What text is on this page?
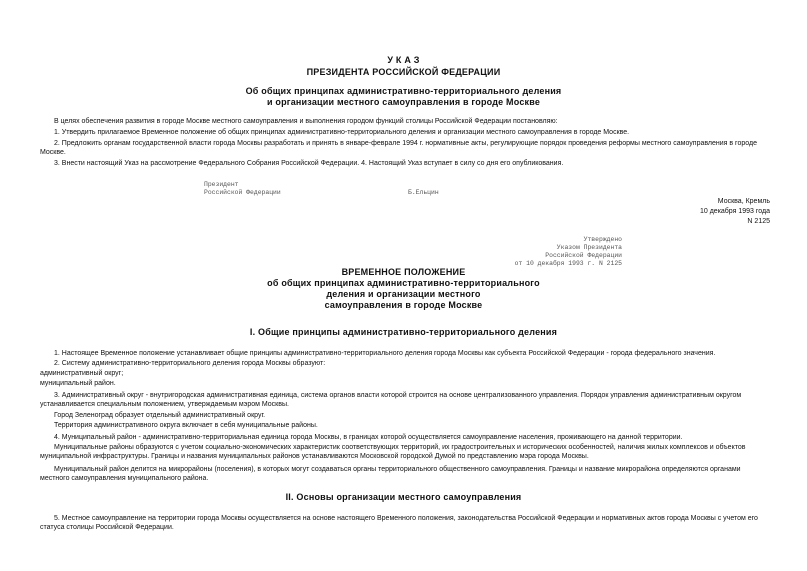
У К А З
ПРЕЗИДЕНТА РОССИЙСКОЙ ФЕДЕРАЦИИ
Об общих принципах административно-территориального деления
и организации местного самоуправления в городе Москве
В целях обеспечения развития в городе Москве местного самоуправления и выполнения городом функций столицы Российской Федерации постановляю:
1. Утвердить прилагаемое Временное положение об общих принципах административно-территориального деления и организации местного самоуправления в городе Москве.
2. Предложить органам государственной власти города Москвы разработать и принять в январе-феврале 1994 г. нормативные акты, регулирующие порядок проведения реформы местного самоуправления в городе Москве.
3. Внести настоящий Указ на рассмотрение Федерального Собрания Российской Федерации. 4. Настоящий Указ вступает в силу со дня его опубликования.
Президент
Российской Федерации	Б.Ельцин
Москва, Кремль
10 декабря 1993 года
N 2125
Утверждено
Указом Президента
Российской Федерации
от 10 декабря 1993 г. N 2125
ВРЕМЕННОЕ ПОЛОЖЕНИЕ
об общих принципах административно-территориального
деления и организации местного
самоуправления в городе Москве
I. Общие принципы административно-территориального деления
1. Настоящее Временное положение устанавливает общие принципы административно-территориального деления города Москвы как субъекта Российской Федерации - города федерального значения.
2. Систему административно-территориального деления города Москвы образуют:
административный округ;
муниципальный район.
3. Административный округ - внутригородская административная единица, система органов власти которой строится на основе централизованного управления. Порядок управления административным округом устанавливается специальным положением, утверждаемым мэром Москвы.
Город Зеленоград образует отдельный административный округ.
Территория административного округа включает в себя муниципальные районы.
4. Муниципальный район - административно-территориальная единица города Москвы, в границах которой осуществляется самоуправление населения, проживающего на данной территории.
Муниципальные районы образуются с учетом социально-экономических характеристик соответствующих территорий, их градостроительных и исторических особенностей, наличия жилых комплексов и объектов муниципальной инфраструктуры. Границы и названия муниципальных районов устанавливаются Московской городской Думой по представлению мэра города Москвы.
Муниципальный район делится на микрорайоны (поселения), в которых могут создаваться органы территориального общественного самоуправления. Границы и название микрорайона определяются органами местного самоуправления муниципального района.
II. Основы организации местного самоуправления
5. Местное самоуправление на территории города Москвы осуществляется на основе настоящего Временного положения, законодательства Российской Федерации и нормативных актов города Москвы с учетом его статуса столицы Российской Федерации.
